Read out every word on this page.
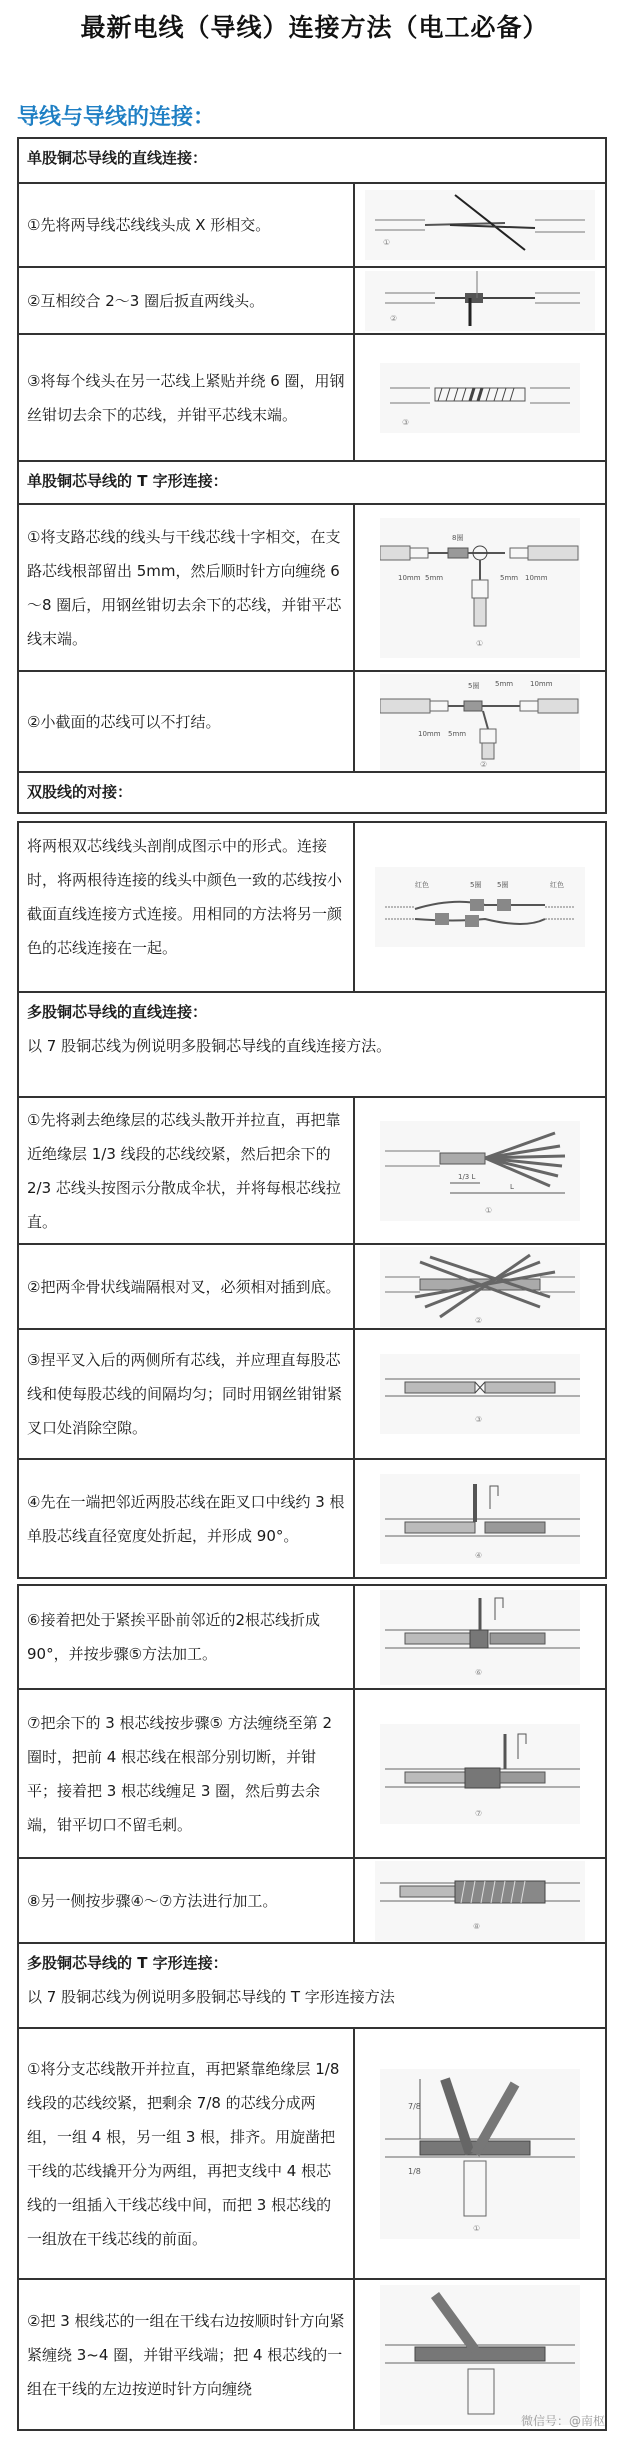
最新电线（导线）连接方法（电工必备）
导线与导线的连接：
单股铜芯导线的直线连接：
①先将两导线芯线线头成 X 形相交。
①
②互相绞合 2～3 圈后扳直两线头。
②
③将每个线头在另一芯线上紧贴并绕 6 圈，用钢丝钳切去余下的芯线，并钳平芯线末端。	③
单股铜芯导线的 T 字形连接：
①将支路芯线的线头与干线芯线十字相交，在支路芯线根部留出 5mm，然后顺时针方向缠绕 6～8 圈后，用钢丝钳切去余下的芯线，并钳平芯线末端。
8圈
10mm 5mm	5mm 10mm
①
②小截面的芯线可以不打结。
5圈 5mm 10mm
10mm 5mm
②
双股线的对接：
将两根双芯线线头剖削成图示中的形式。连接时，将两根待连接的线头中颜色一致的芯线按小截面直线连接方式连接。用相同的方法将另一颜色的芯线连接在一起。
红色	5圈 5圈	红色
多股铜芯导线的直线连接：
以 7 股铜芯线为例说明多股铜芯导线的直线连接方法。
①先将剥去绝缘层的芯线头散开并拉直，再把靠近绝缘层 1/3 线段的芯线绞紧，然后把余下的 2/3 芯线头按图示分散成伞状，并将每根芯线拉直。
1/3 L
L
①
②把两伞骨状线端隔根对叉，必须相对插到底。
②
③捏平叉入后的两侧所有芯线，并应理直每股芯线和使每股芯线的间隔均匀；同时用钢丝钳钳紧叉口处消除空隙。	③
④先在一端把邻近两股芯线在距叉口中线约 3 根单股芯线直径宽度处折起，并形成 90°。
④
⑥接着把处于紧挨平卧前邻近的2根芯线折成 90°，并按步骤⑤方法加工。
⑥
⑦把余下的 3 根芯线按步骤⑤ 方法缠绕至第 2 圈时，把前 4 根芯线在根部分别切断，并钳平；接着把 3 根芯线缠足 3 圈，然后剪去余端，钳平切口不留毛刺。
⑦
⑧另一侧按步骤④～⑦方法进行加工。
⑧
多股铜芯导线的 T 字形连接：
以 7 股铜芯线为例说明多股铜芯导线的 T 字形连接方法
①将分支芯线散开并拉直，再把紧靠绝缘层 1/8 线段的芯线绞紧，把剩余 7/8 的芯线分成两组，一组 4 根，另一组 3 根，排齐。用旋凿把干线的芯线撬开分为两组，再把支线中 4 根芯线的一组插入干线芯线中间，而把 3 根芯线的一组放在干线芯线的前面。
7/8
1/8
①
②把 3 根线芯的一组在干线右边按顺时针方向紧紧缠绕 3~4 圈，并钳平线端；把 4 根芯线的一组在干线的左边按逆时针方向缠绕
微信号：@南枢
